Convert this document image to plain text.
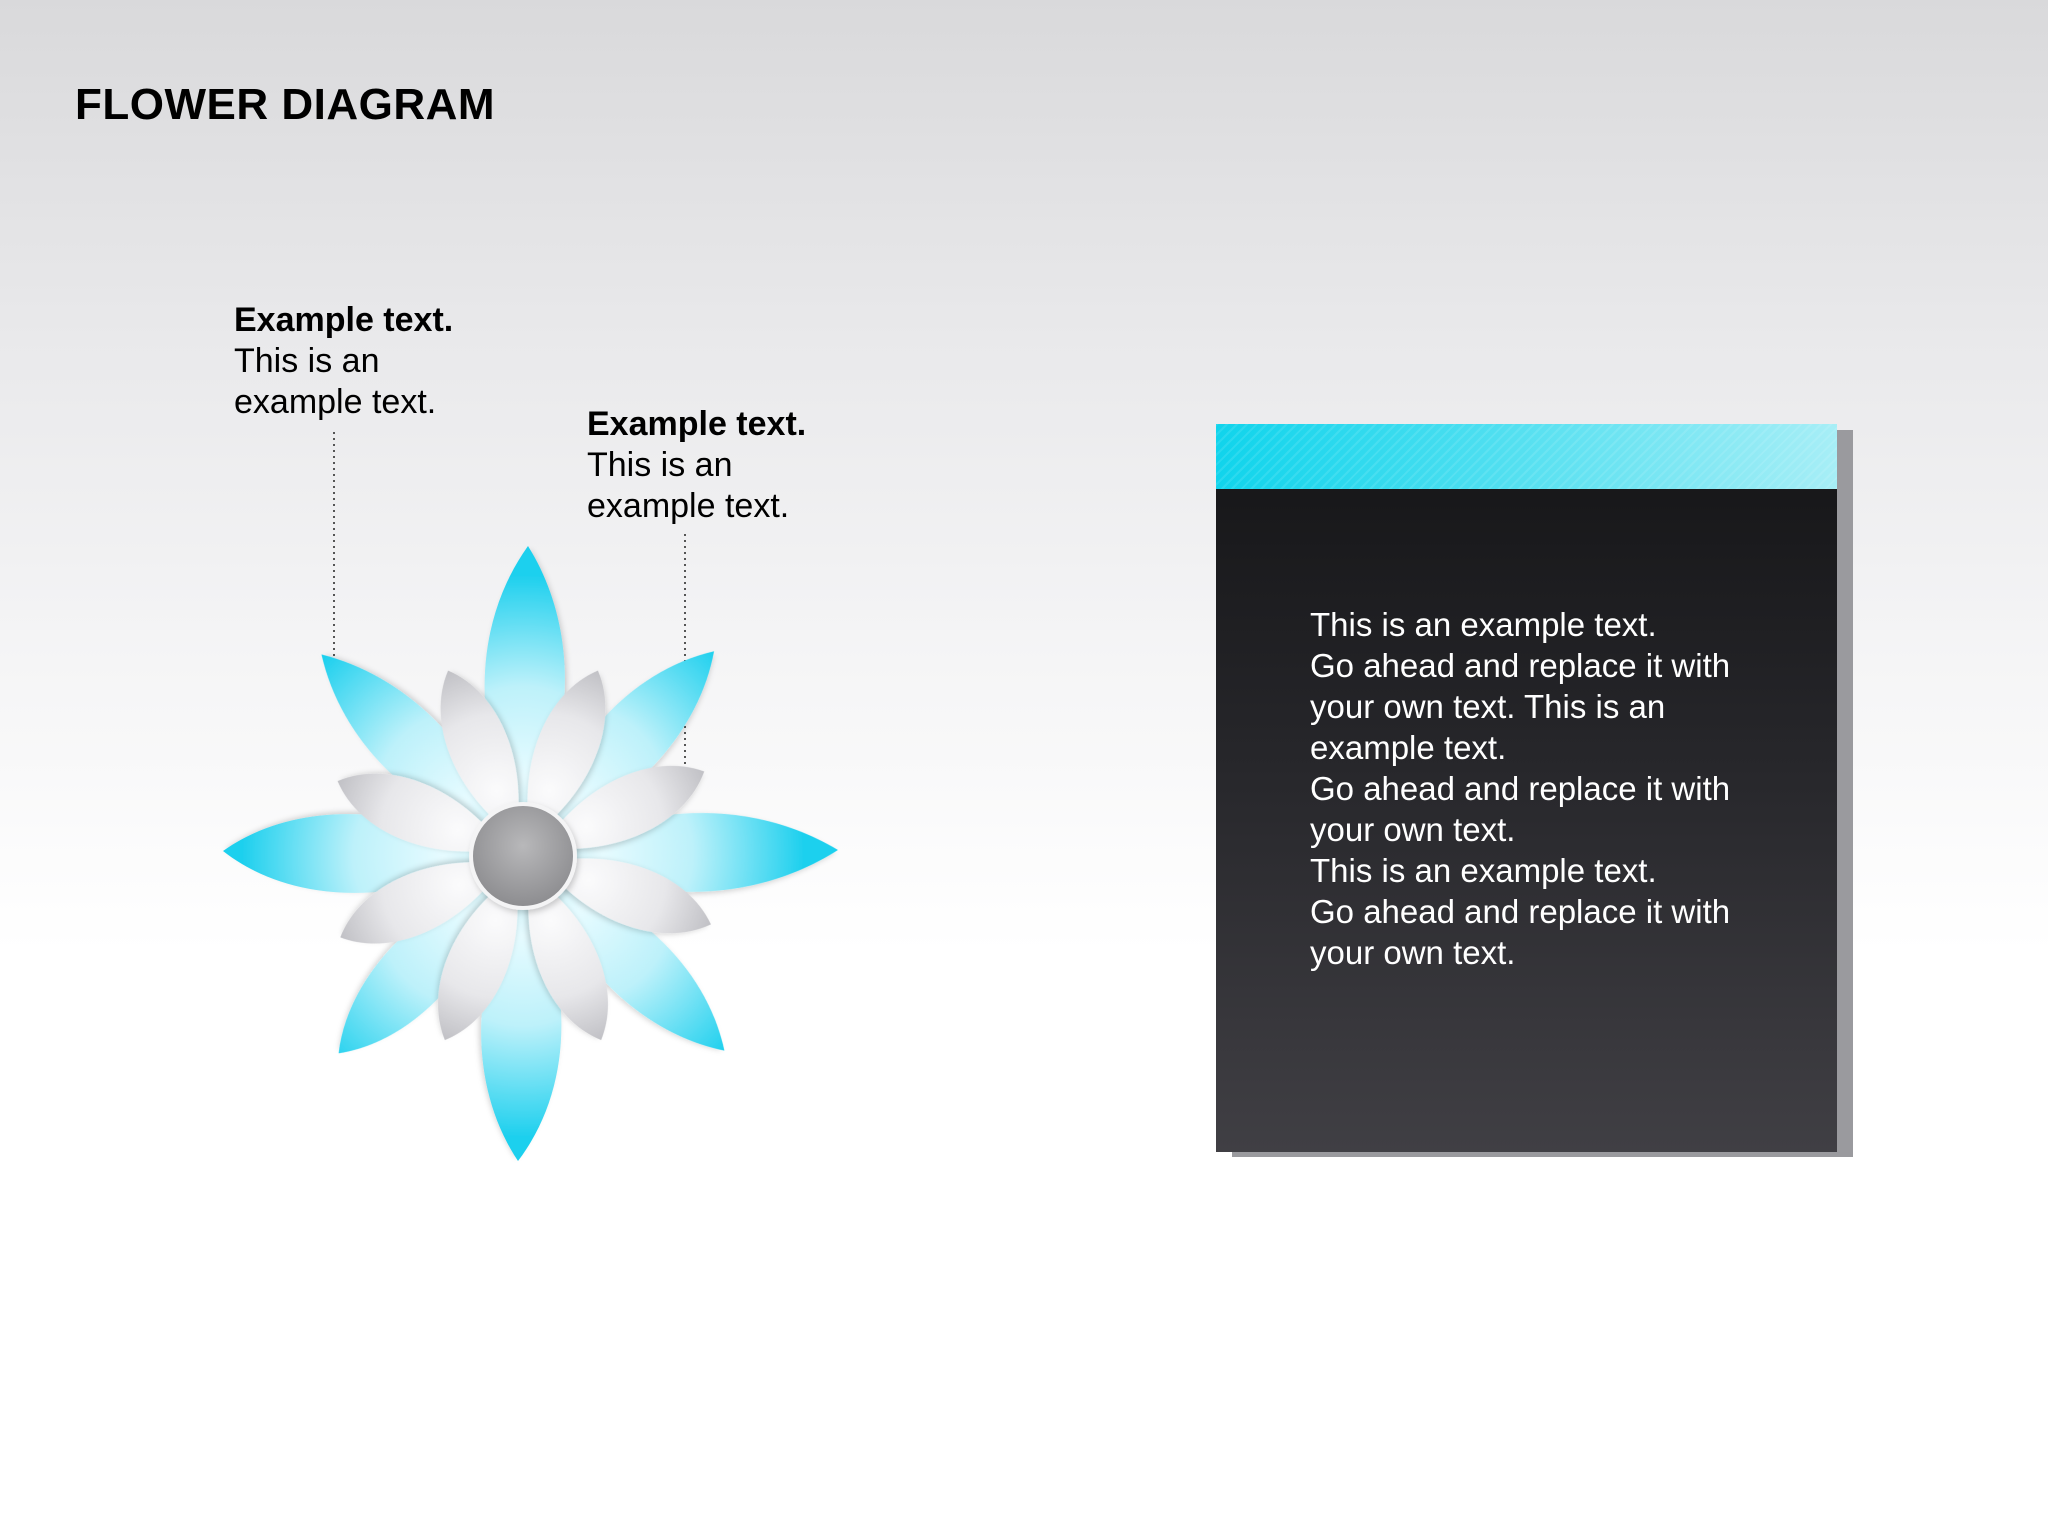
FLOWER DIAGRAM
Example text.
This is an
example text.
Example text.
This is an
example text.
This is an example text.
Go ahead and replace it with
your own text. This is an
example text.
Go ahead and replace it with
your own text.
This is an example text.
Go ahead and replace it with
your own text.
